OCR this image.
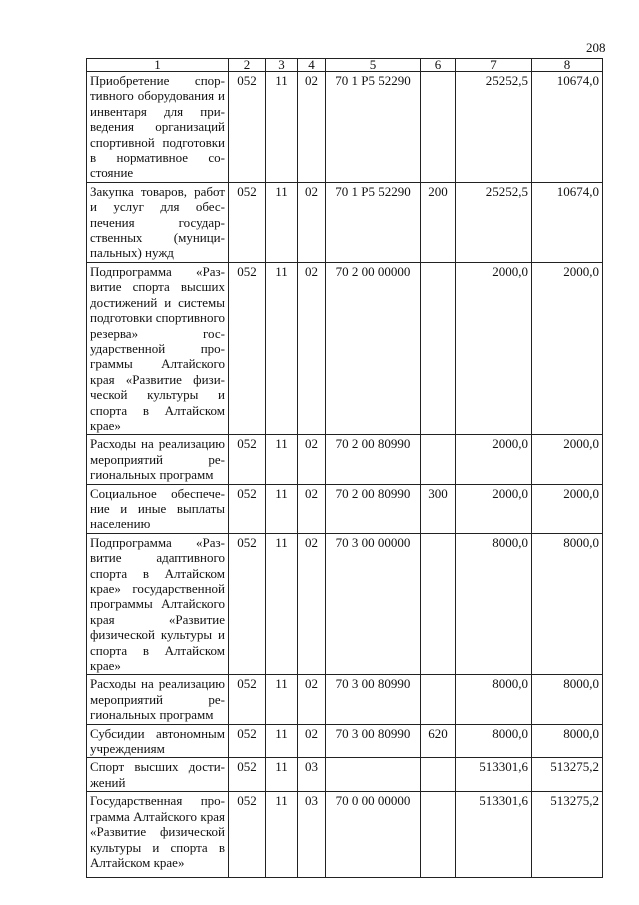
208
1	2	3	4	5	6	7	8
Приобретение спортивного оборудования и инвентаря для приведения организаций спортивной подготовки в нормативное состояние	052	11	02	70 1 Р5 52290		25252,5	10674,0
Закупка товаров, работ и услуг для обеспечения государственных (муниципальных) нужд	052	11	02	70 1 Р5 52290	200	25252,5	10674,0
Подпрограмма «Развитие спорта высших достижений и системы подготовки спортивного резерва» государственной программы Алтайского края «Развитие физической культуры и спорта в Алтайском крае»	052	11	02	70 2 00 00000		2000,0	2000,0
Расходы на реализацию мероприятий региональных программ	052	11	02	70 2 00 80990		2000,0	2000,0
Социальное обеспечение и иные выплаты населению	052	11	02	70 2 00 80990	300	2000,0	2000,0
Подпрограмма «Развитие адаптивного спорта в Алтайском крае» государственной программы Алтайского края «Развитие физической культуры и спорта в Алтайском крае»	052	11	02	70 3 00 00000		8000,0	8000,0
Расходы на реализацию мероприятий региональных программ	052	11	02	70 3 00 80990		8000,0	8000,0
Субсидии автономным учреждениям	052	11	02	70 3 00 80990	620	8000,0	8000,0
Спорт высших достижений	052	11	03			513301,6	513275,2
Государственная программа Алтайского края «Развитие физической культуры и спорта в Алтайском крае»	052	11	03	70 0 00 00000		513301,6	513275,2
